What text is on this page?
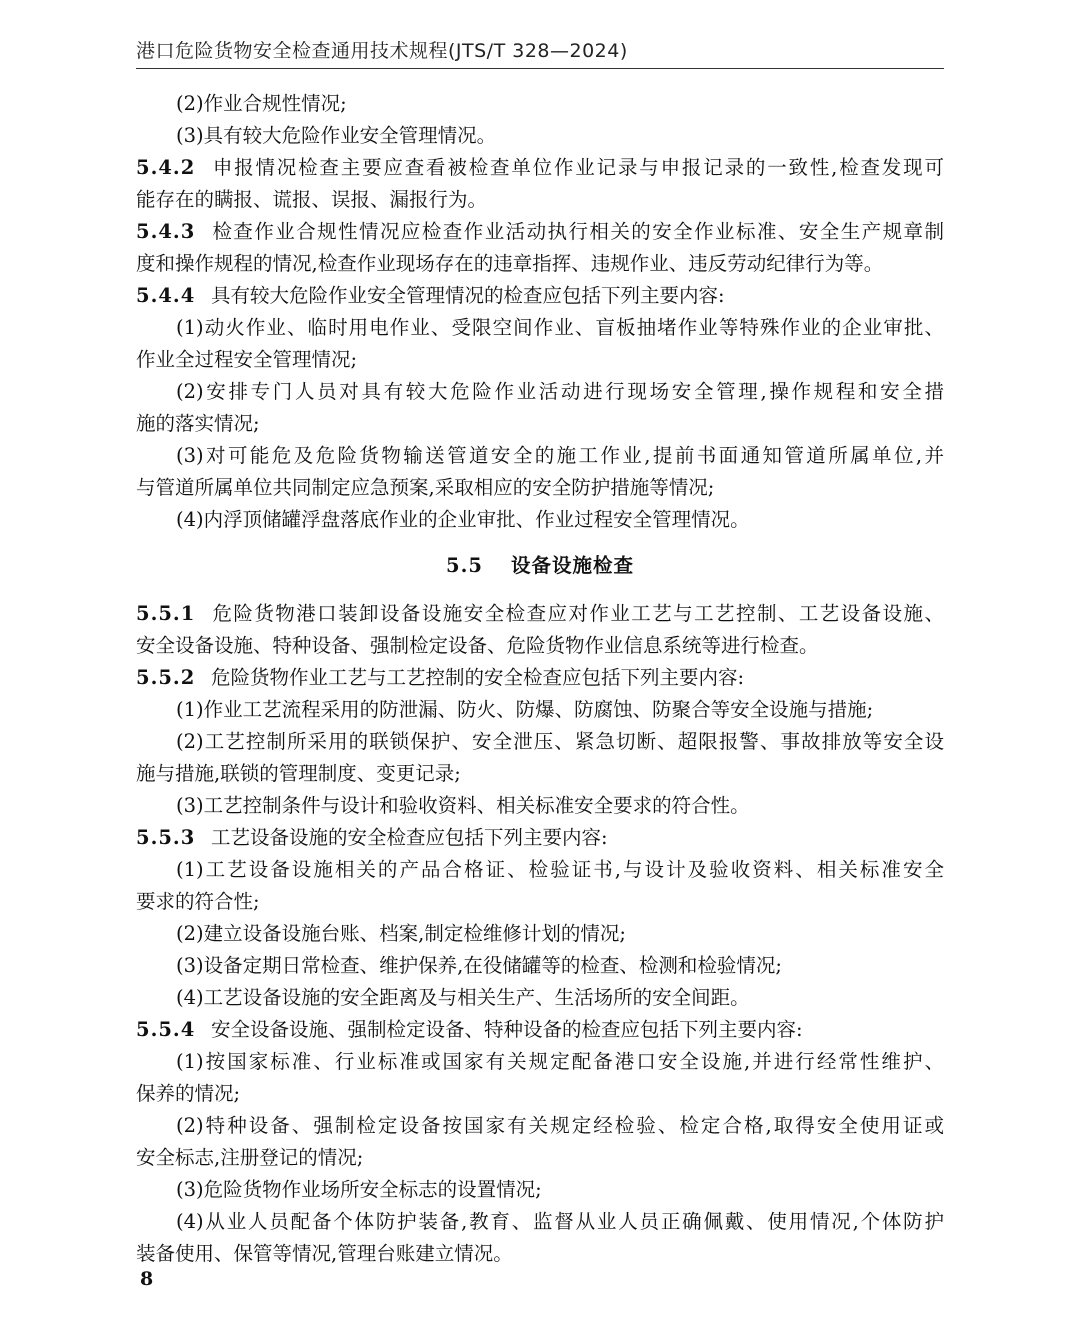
港口危险货物安全检查通用技术规程(JTS/T 328—2024)
(2)作业合规性情况;
(3)具有较大危险作业安全管理情况。
5.4.2 申报情况检查主要应查看被检查单位作业记录与申报记录的一致性,检查发现可
能存在的瞒报、谎报、误报、漏报行为。
5.4.3 检查作业合规性情况应检查作业活动执行相关的安全作业标准、安全生产规章制
度和操作规程的情况,检查作业现场存在的违章指挥、违规作业、违反劳动纪律行为等。
5.4.4 具有较大危险作业安全管理情况的检查应包括下列主要内容:
(1)动火作业、临时用电作业、受限空间作业、盲板抽堵作业等特殊作业的企业审批、
作业全过程安全管理情况;
(2)安排专门人员对具有较大危险作业活动进行现场安全管理,操作规程和安全措
施的落实情况;
(3)对可能危及危险货物输送管道安全的施工作业,提前书面通知管道所属单位,并
与管道所属单位共同制定应急预案,采取相应的安全防护措施等情况;
(4)内浮顶储罐浮盘落底作业的企业审批、作业过程安全管理情况。
5.5 设备设施检查
5.5.1 危险货物港口装卸设备设施安全检查应对作业工艺与工艺控制、工艺设备设施、
安全设备设施、特种设备、强制检定设备、危险货物作业信息系统等进行检查。
5.5.2 危险货物作业工艺与工艺控制的安全检查应包括下列主要内容:
(1)作业工艺流程采用的防泄漏、防火、防爆、防腐蚀、防聚合等安全设施与措施;
(2)工艺控制所采用的联锁保护、安全泄压、紧急切断、超限报警、事故排放等安全设
施与措施,联锁的管理制度、变更记录;
(3)工艺控制条件与设计和验收资料、相关标准安全要求的符合性。
5.5.3 工艺设备设施的安全检查应包括下列主要内容:
(1)工艺设备设施相关的产品合格证、检验证书,与设计及验收资料、相关标准安全
要求的符合性;
(2)建立设备设施台账、档案,制定检维修计划的情况;
(3)设备定期日常检查、维护保养,在役储罐等的检查、检测和检验情况;
(4)工艺设备设施的安全距离及与相关生产、生活场所的安全间距。
5.5.4 安全设备设施、强制检定设备、特种设备的检查应包括下列主要内容:
(1)按国家标准、行业标准或国家有关规定配备港口安全设施,并进行经常性维护、
保养的情况;
(2)特种设备、强制检定设备按国家有关规定经检验、检定合格,取得安全使用证或
安全标志,注册登记的情况;
(3)危险货物作业场所安全标志的设置情况;
(4)从业人员配备个体防护装备,教育、监督从业人员正确佩戴、使用情况,个体防护
装备使用、保管等情况,管理台账建立情况。
8
